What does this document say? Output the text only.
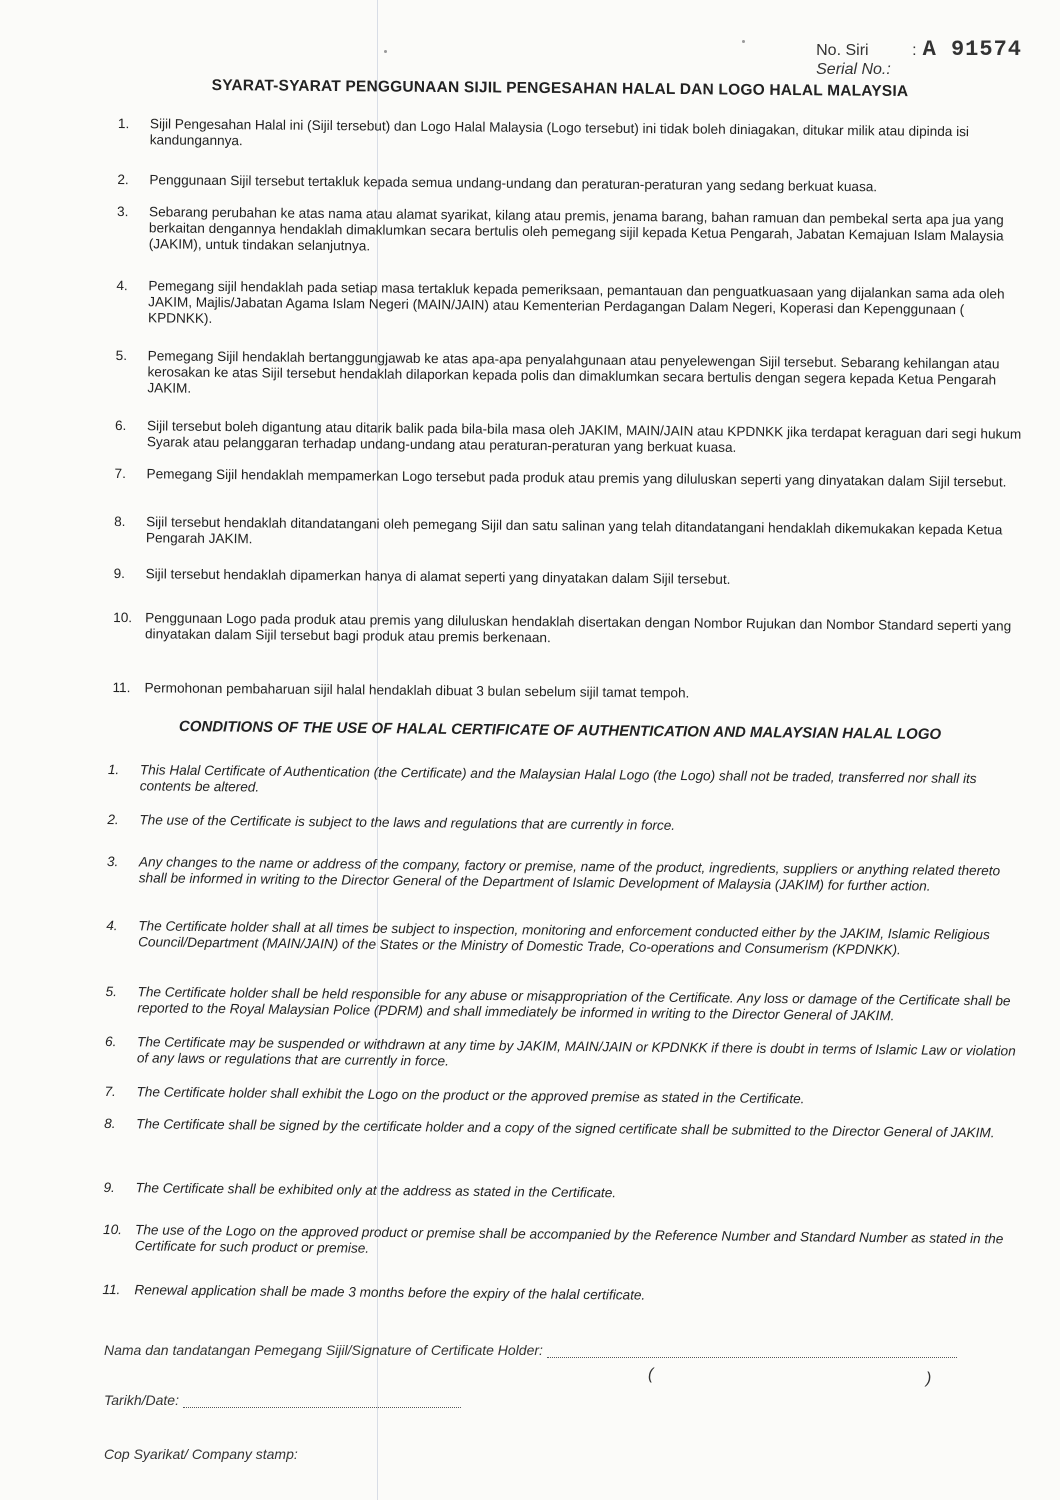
No. Siri	: A 91574
Serial No.:
SYARAT-SYARAT PENGGUNAAN SIJIL PENGESAHAN HALAL DAN LOGO HALAL MALAYSIA
1.	Sijil Pengesahan Halal ini (Sijil tersebut) dan Logo Halal Malaysia (Logo tersebut) ini tidak boleh diniagakan, ditukar milik atau dipinda isi kandungannya.
2.	Penggunaan Sijil tersebut tertakluk kepada semua undang-undang dan peraturan-peraturan yang sedang berkuat kuasa.
3.	Sebarang perubahan ke atas nama atau alamat syarikat, kilang atau premis, jenama barang, bahan ramuan dan pembekal serta apa jua yang berkaitan dengannya hendaklah dimaklumkan secara bertulis oleh pemegang sijil kepada Ketua Pengarah, Jabatan Kemajuan Islam Malaysia (JAKIM), untuk tindakan selanjutnya.
4.	Pemegang sijil hendaklah pada setiap masa tertakluk kepada pemeriksaan, pemantauan dan penguatkuasaan yang dijalankan sama ada oleh JAKIM, Majlis/Jabatan Agama Islam Negeri (MAIN/JAIN) atau Kementerian Perdagangan Dalam Negeri, Koperasi dan Kepenggunaan ( KPDNKK).
5.	Pemegang Sijil hendaklah bertanggungjawab ke atas apa-apa penyalahgunaan atau penyelewengan Sijil tersebut. Sebarang kehilangan atau kerosakan ke atas Sijil tersebut hendaklah dilaporkan kepada polis dan dimaklumkan secara bertulis dengan segera kepada Ketua Pengarah JAKIM.
6.	Sijil tersebut boleh digantung atau ditarik balik pada bila-bila masa oleh JAKIM, MAIN/JAIN atau KPDNKK jika terdapat keraguan dari segi hukum Syarak atau pelanggaran terhadap undang-undang atau peraturan-peraturan yang berkuat kuasa.
7.	Pemegang Sijil hendaklah mempamerkan Logo tersebut pada produk atau premis yang diluluskan seperti yang dinyatakan dalam Sijil tersebut.
8.	Sijil tersebut hendaklah ditandatangani oleh pemegang Sijil dan satu salinan yang telah ditandatangani hendaklah dikemukakan kepada Ketua Pengarah JAKIM.
9.	Sijil tersebut hendaklah dipamerkan hanya di alamat seperti yang dinyatakan dalam Sijil tersebut.
10. Penggunaan Logo pada produk atau premis yang diluluskan hendaklah disertakan dengan Nombor Rujukan dan Nombor Standard seperti yang dinyatakan dalam Sijil tersebut bagi produk atau premis berkenaan.
11.	Permohonan pembaharuan sijil halal hendaklah dibuat 3 bulan sebelum sijil tamat tempoh.
CONDITIONS OF THE USE OF HALAL CERTIFICATE OF AUTHENTICATION AND MALAYSIAN HALAL LOGO
1.	This Halal Certificate of Authentication (the Certificate) and the Malaysian Halal Logo (the Logo) shall not be traded, transferred nor shall its contents be altered.
2.	The use of the Certificate is subject to the laws and regulations that are currently in force.
3.	Any changes to the name or address of the company, factory or premise, name of the product, ingredients, suppliers or anything related thereto shall be informed in writing to the Director General of the Department of Islamic Development of Malaysia (JAKIM) for further action.
4.	The Certificate holder shall at all times be subject to inspection, monitoring and enforcement conducted either by the JAKIM, Islamic Religious Council/Department (MAIN/JAIN) of the States or the Ministry of Domestic Trade, Co-operations and Consumerism (KPDNKK).
5.	The Certificate holder shall be held responsible for any abuse or misappropriation of the Certificate. Any loss or damage of the Certificate shall be reported to the Royal Malaysian Police (PDRM) and shall immediately be informed in writing to the Director General of JAKIM.
6.	The Certificate may be suspended or withdrawn at any time by JAKIM, MAIN/JAIN or KPDNKK if there is doubt in terms of Islamic Law or violation of any laws or regulations that are currently in force.
7.	The Certificate holder shall exhibit the Logo on the product or the approved premise as stated in the Certificate.
8.	The Certificate shall be signed by the certificate holder and a copy of the signed certificate shall be submitted to the Director General of JAKIM.
9.	The Certificate shall be exhibited only at the address as stated in the Certificate.
10. The use of the Logo on the approved product or premise shall be accompanied by the Reference Number and Standard Number as stated in the Certificate for such product or premise.
11.	Renewal application shall be made 3 months before the expiry of the halal certificate.
Nama dan tandatangan Pemegang Sijil/Signature of Certificate Holder:
(	)
Tarikh/Date:
Cop Syarikat/ Company stamp:
